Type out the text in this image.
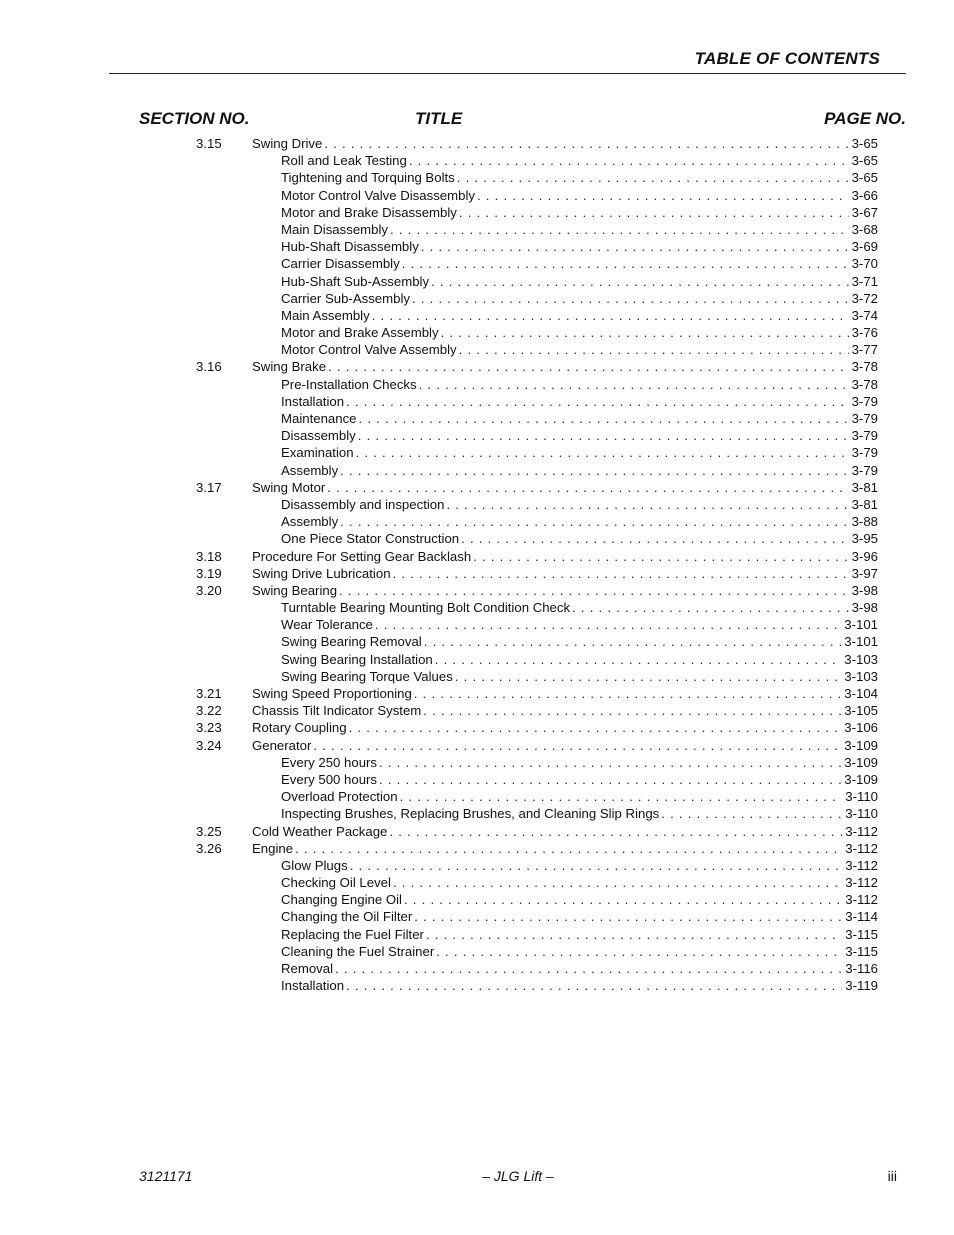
TABLE OF CONTENTS
SECTION NO.	TITLE	PAGE NO.
3.15 Swing Drive . . .	3-65
Roll and Leak Testing . . .	3-65
Tightening and Torquing Bolts . . .	3-65
Motor Control Valve Disassembly . . .	3-66
Motor and Brake Disassembly . . .	3-67
Main Disassembly . . .	3-68
Hub-Shaft Disassembly . . .	3-69
Carrier Disassembly . . .	3-70
Hub-Shaft Sub-Assembly . . .	3-71
Carrier Sub-Assembly . . .	3-72
Main Assembly . . .	3-74
Motor and Brake Assembly . . .	3-76
Motor Control Valve Assembly . . .	3-77
3.16 Swing Brake . . .	3-78
Pre-Installation Checks . . .	3-78
Installation . . .	3-79
Maintenance . . .	3-79
Disassembly . . .	3-79
Examination . . .	3-79
Assembly . . .	3-79
3.17 Swing Motor . . .	3-81
Disassembly and inspection . . .	3-81
Assembly . . .	3-88
One Piece Stator Construction . . .	3-95
3.18 Procedure For Setting Gear Backlash . . .	3-96
3.19 Swing Drive Lubrication . . .	3-97
3.20 Swing Bearing . . .	3-98
Turntable Bearing Mounting Bolt Condition Check . . .	3-98
Wear Tolerance . . .	3-101
Swing Bearing Removal . . .	3-101
Swing Bearing Installation . . .	3-103
Swing Bearing Torque Values . . .	3-103
3.21 Swing Speed Proportioning . . .	3-104
3.22 Chassis Tilt Indicator System . . .	3-105
3.23 Rotary Coupling . . .	3-106
3.24 Generator . . .	3-109
Every 250 hours . . .	3-109
Every 500 hours . . .	3-109
Overload Protection . . .	3-110
Inspecting Brushes, Replacing Brushes, and Cleaning Slip Rings . . .	3-110
3.25 Cold Weather Package . . .	3-112
3.26 Engine . . .	3-112
Glow Plugs . . .	3-112
Checking Oil Level . . .	3-112
Changing Engine Oil . . .	3-112
Changing the Oil Filter . . .	3-114
Replacing the Fuel Filter . . .	3-115
Cleaning the Fuel Strainer . . .	3-115
Removal . . .	3-116
Installation . . .	3-119
3121171	– JLG Lift –	iii
